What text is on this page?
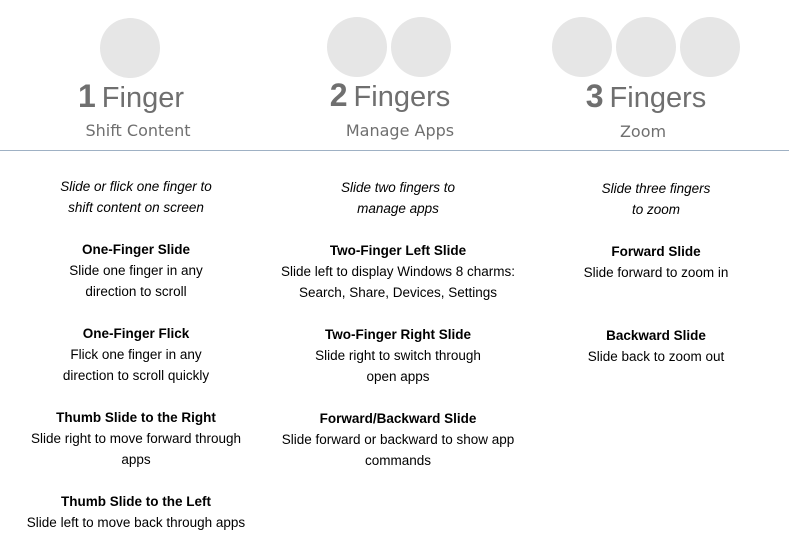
1 Finger
Shift Content
2 Fingers
Manage Apps
3 Fingers
Zoom
Slide or flick one finger to
shift content on screen
One-Finger Slide
Slide one finger in any
direction to scroll
One-Finger Flick
Flick one finger in any
direction to scroll quickly
Thumb Slide to the Right
Slide right to move forward through
apps
Thumb Slide to the Left
Slide left to move back through apps
Slide two fingers to
manage apps
Two-Finger Left Slide
Slide left to display Windows 8 charms:
Search, Share, Devices, Settings
Two-Finger Right Slide
Slide right to switch through
open apps
Forward/Backward Slide
Slide forward or backward to show app
commands
Slide three fingers
to zoom
Forward Slide
Slide forward to zoom in
Backward Slide
Slide back to zoom out
